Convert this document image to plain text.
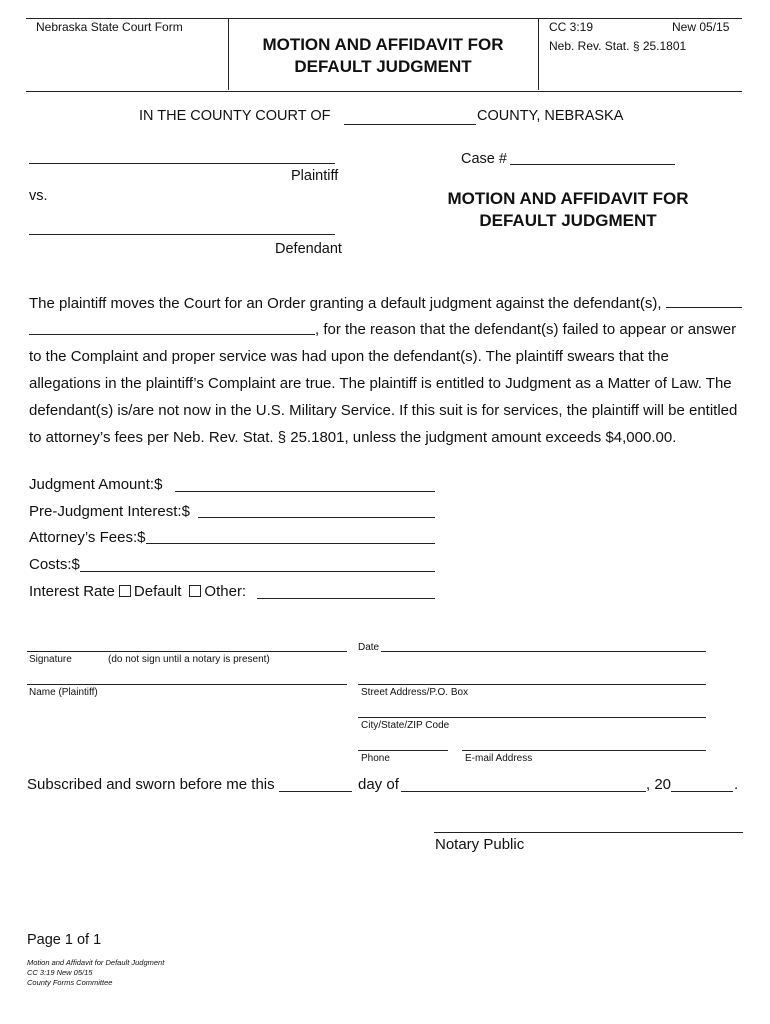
Nebraska State Court Form
MOTION AND AFFIDAVIT FOR
DEFAULT JUDGMENT
CC 3:19	New 05/15
Neb. Rev. Stat. § 25.1801
IN THE COUNTY COURT OF	COUNTY, NEBRASKA
Plaintiff
vs.
Defendant
Case #
MOTION AND AFFIDAVIT FOR
DEFAULT JUDGMENT
The plaintiff moves the Court for an Order granting a default judgment against the defendant(s),
, for the reason that the defendant(s) failed to appear or answer
to the Complaint and proper service was had upon the defendant(s). The plaintiff swears that the
allegations in the plaintiff’s Complaint are true. The plaintiff is entitled to Judgment as a Matter of Law. The
defendant(s) is/are not now in the U.S. Military Service. If this suit is for services, the plaintiff will be entitled
to attorney’s fees per Neb. Rev. Stat. § 25.1801, unless the judgment amount exceeds $4,000.00.
Judgment Amount:$
Pre-Judgment Interest:$
Attorney’s Fees:$
Costs:$
Interest Rate Default Other:
Signature	(do not sign until a notary is present)
Date
Name (Plaintiff)	Street Address/P.O. Box
City/State/ZIP Code
Phone	E-mail Address
Subscribed and sworn before me this	day of	, 20	.
Notary Public
Page 1 of 1
Motion and Affidavit for Default Judgment
CC 3:19 New 05/15
County Forms Committee
